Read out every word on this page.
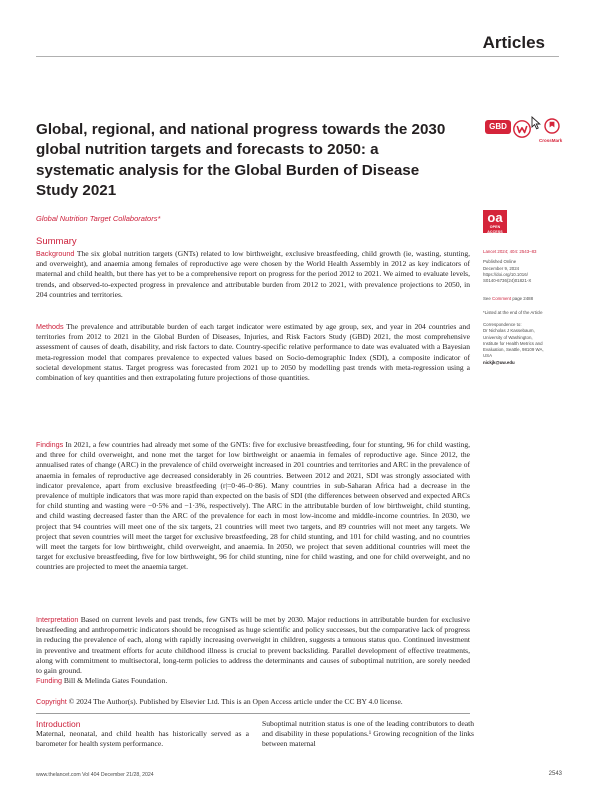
Articles
Global, regional, and national progress towards the 2030 global nutrition targets and forecasts to 2050: a systematic analysis for the Global Burden of Disease Study 2021
Global Nutrition Target Collaborators*
GBD
CrossMark
oa
OPEN ACCESS
Summary

Background The six global nutrition targets (GNTs) related to low birthweight, exclusive breastfeeding, child growth (ie, wasting, stunting, and overweight), and anaemia among females of reproductive age were chosen by the World Health Assembly in 2012 as key indicators of maternal and child health, but there has yet to be a comprehensive report on progress for the period 2012 to 2021. We aimed to evaluate levels, trends, and observed-to-expected progress in prevalence and attributable burden from 2012 to 2021, with prevalence projections to 2050, in 204 countries and territories.

Methods The prevalence and attributable burden of each target indicator were estimated by age group, sex, and year in 204 countries and territories from 2012 to 2021 in the Global Burden of Diseases, Injuries, and Risk Factors Study (GBD) 2021, the most comprehensive assessment of causes of death, disability, and risk factors to date. Country-specific relative performance to date was evaluated with a Bayesian meta-regression model that compares prevalence to expected values based on Socio-demographic Index (SDI), a composite indicator of societal development status. Target progress was forecasted from 2021 up to 2050 by modelling past trends with meta-regression using a combination of key quantities and then extrapolating future projections of those quantities.

Findings In 2021, a few countries had already met some of the GNTs: five for exclusive breastfeeding, four for stunting, 96 for child wasting, and three for child overweight, and none met the target for low birthweight or anaemia in females of reproductive age. Since 2012, the annualised rates of change (ARC) in the prevalence of child overweight increased in 201 countries and territories and ARC in the prevalence of anaemia in females of reproductive age decreased considerably in 26 countries. Between 2012 and 2021, SDI was strongly associated with indicator prevalence, apart from exclusive breastfeeding (r|=0·46–0·86). Many countries in sub-Saharan Africa had a decrease in the prevalence of multiple indicators that was more rapid than expected on the basis of SDI (the differences between observed and expected ARCs for child stunting and wasting were −0·5% and −1·3%, respectively). The ARC in the attributable burden of low birthweight, child stunting, and child wasting decreased faster than the ARC of the prevalence for each in most low-income and middle-income countries. In 2030, we project that 94 countries will meet one of the six targets, 21 countries will meet two targets, and 89 countries will not meet any targets. We project that seven countries will meet the target for exclusive breastfeeding, 28 for child stunting, and 101 for child wasting, and no countries will meet the targets for low birthweight, child overweight, and anaemia. In 2050, we project that seven additional countries will meet the target for exclusive breastfeeding, five for low birthweight, 96 for child stunting, nine for child wasting, and one for child overweight, and no countries are projected to meet the anaemia target.

Interpretation Based on current levels and past trends, few GNTs will be met by 2030. Major reductions in attributable burden for exclusive breastfeeding and anthropometric indicators should be recognised as huge scientific and policy successes, but the comparative lack of progress in reducing the prevalence of each, along with rapidly increasing overweight in children, suggests a tenuous status quo. Continued investment in preventive and treatment efforts for acute childhood illness is crucial to prevent backsliding. Parallel development of effective treatments, along with commitment to multisectoral, long-term policies to address the determinants and causes of suboptimal nutrition, are sorely needed to gain ground.

Funding Bill & Melinda Gates Foundation.

Copyright © 2024 The Author(s). Published by Elsevier Ltd. This is an Open Access article under the CC BY 4.0 license.

Introduction

Maternal, neonatal, and child health has historically served as a barometer for health system performance.

Suboptimal nutrition status is one of the leading contributors to death and disability in these populations.¹ Growing recognition of the links between maternal

Lancet 2024; 404: 2543–83
Published Online
December 9, 2024
https://doi.org/10.1016/
S0140-6736(24)01821-X
See Comment page 2488
*Listed at the end of the Article
Correspondence to:
Dr Nicholas J Kassebaum,
University of Washington,
Institute for Health Metrics and
Evaluation, Seattle, 98109 WA,
USA
nickjk@uw.edu
www.thelancet.com Vol 404 December 21/28, 2024	2543
